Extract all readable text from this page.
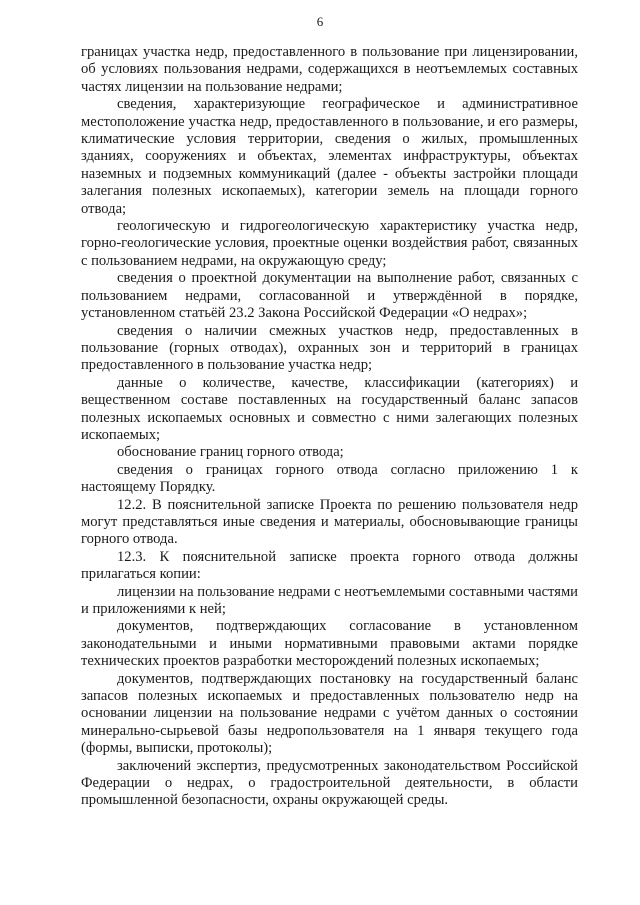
6

границах участка недр, предоставленного в пользование при лицензировании, об условиях пользования недрами, содержащихся в неотъемлемых составных частях лицензии на пользование недрами;

сведения, характеризующие географическое и административное местоположение участка недр, предоставленного в пользование, и его размеры, климатические условия территории, сведения о жилых, промышленных зданиях, сооружениях и объектах, элементах инфраструктуры, объектах наземных и подземных коммуникаций (далее - объекты застройки площади залегания полезных ископаемых), категории земель на площади горного отвода;

геологическую и гидрогеологическую характеристику участка недр, горно-геологические условия, проектные оценки воздействия работ, связанных с пользованием недрами, на окружающую среду;

сведения о проектной документации на выполнение работ, связанных с пользованием недрами, согласованной и утверждённой в порядке, установленном статьёй 23.2 Закона Российской Федерации «О недрах»;

сведения о наличии смежных участков недр, предоставленных в пользование (горных отводах), охранных зон и территорий в границах предоставленного в пользование участка недр;

данные о количестве, качестве, классификации (категориях) и вещественном составе поставленных на государственный баланс запасов полезных ископаемых основных и совместно с ними залегающих полезных ископаемых;

обоснование границ горного отвода;

сведения о границах горного отвода согласно приложению 1 к настоящему Порядку.

12.2. В пояснительной записке Проекта по решению пользователя недр могут представляться иные сведения и материалы, обосновывающие границы горного отвода.

12.3. К пояснительной записке проекта горного отвода должны прилагаться копии:

лицензии на пользование недрами с неотъемлемыми составными частями и приложениями к ней;

документов, подтверждающих согласование в установленном законодательными и иными нормативными правовыми актами порядке технических проектов разработки месторождений полезных ископаемых;

документов, подтверждающих постановку на государственный баланс запасов полезных ископаемых и предоставленных пользователю недр на основании лицензии на пользование недрами с учётом данных о состоянии минерально-сырьевой базы недропользователя на 1 января текущего года (формы, выписки, протоколы);

заключений экспертиз, предусмотренных законодательством Российской Федерации о недрах, о градостроительной деятельности, в области промышленной безопасности, охраны окружающей среды.
